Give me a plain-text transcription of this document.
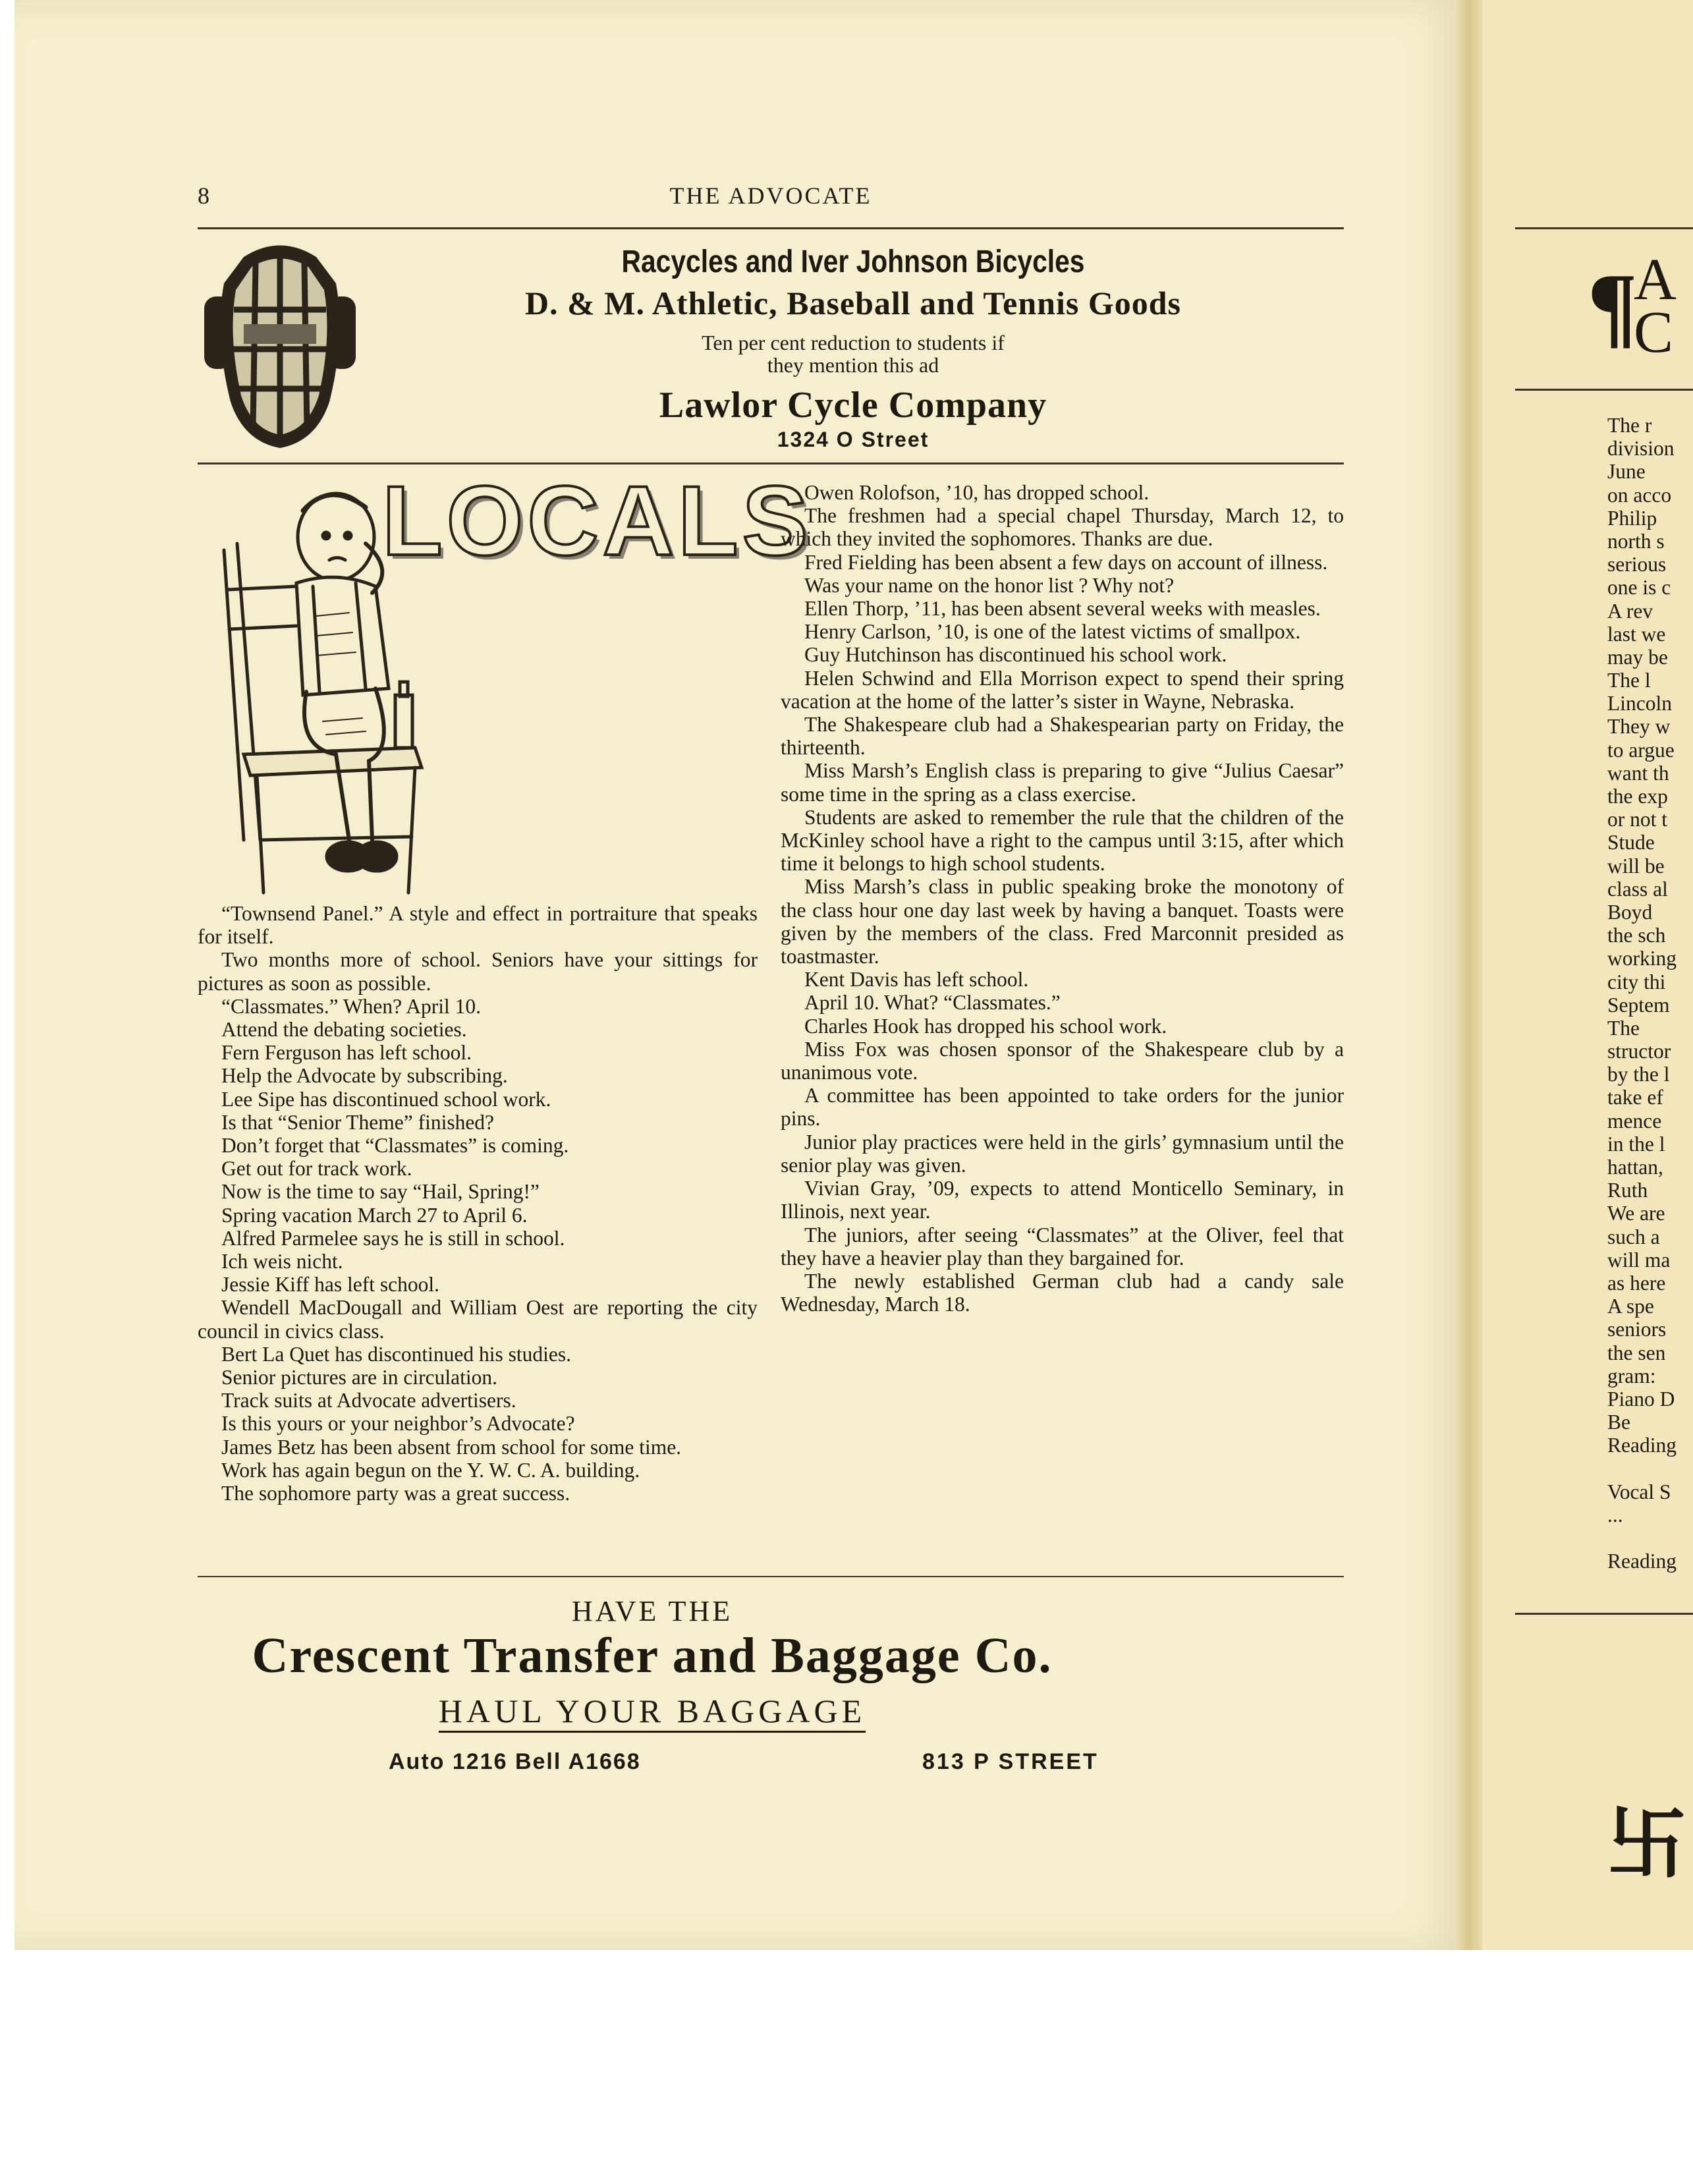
8	THE ADVOCATE
Racycles and Iver Johnson Bicycles
D. & M. Athletic, Baseball and Tennis Goods
Ten per cent reduction to students if
they mention this ad
Lawlor Cycle Company
1324 O Street
LOCALS

“Townsend Panel.” A style and effect in portraiture that speaks for itself.

Two months more of school. Seniors have your sittings for pictures as soon as possible.

“Classmates.” When? April 10.

Attend the debating societies.

Fern Ferguson has left school.

Help the Advocate by subscribing.

Lee Sipe has discontinued school work.

Is that “Senior Theme” finished?

Don’t forget that “Classmates” is coming.

Get out for track work.

Now is the time to say “Hail, Spring!”

Spring vacation March 27 to April 6.

Alfred Parmelee says he is still in school.

Ich weis nicht.

Jessie Kiff has left school.

Wendell MacDougall and William Oest are reporting the city council in civics class.

Bert La Quet has discontinued his studies.

Senior pictures are in circulation.

Track suits at Advocate advertisers.

Is this yours or your neighbor’s Advocate?

James Betz has been absent from school for some time.

Work has again begun on the Y. W. C. A. building.

The sophomore party was a great success.

Owen Rolofson, ’10, has dropped school.

The freshmen had a special chapel Thursday, March 12, to which they invited the sophomores. Thanks are due.

Fred Fielding has been absent a few days on account of illness.

Was your name on the honor list ? Why not?

Ellen Thorp, ’11, has been absent several weeks with measles.

Henry Carlson, ’10, is one of the latest victims of smallpox.

Guy Hutchinson has discontinued his school work.

Helen Schwind and Ella Morrison expect to spend their spring vacation at the home of the latter’s sister in Wayne, Nebraska.

The Shakespeare club had a Shakespearian party on Friday, the thirteenth.

Miss Marsh’s English class is preparing to give “Julius Caesar” some time in the spring as a class exercise.

Students are asked to remember the rule that the children of the McKinley school have a right to the campus until 3:15, after which time it belongs to high school students.

Miss Marsh’s class in public speaking broke the monotony of the class hour one day last week by having a banquet. Toasts were given by the members of the class. Fred Marconnit presided as toastmaster.

Kent Davis has left school.

April 10. What? “Classmates.”

Charles Hook has dropped his school work.

Miss Fox was chosen sponsor of the Shakespeare club by a unanimous vote.

A committee has been appointed to take orders for the junior pins.

Junior play practices were held in the girls’ gymnasium until the senior play was given.

Vivian Gray, ’09, expects to attend Monticello Seminary, in Illinois, next year.

The juniors, after seeing “Classmates” at the Oliver, feel that they have a heavier play than they bargained for.

The newly established German club had a candy sale Wednesday, March 18.

HAVE THE
Crescent Transfer and Baggage Co.
HAUL YOUR BAGGAGE
Auto 1216 Bell A1668	813 P STREET
¶
A
C
The r
division
June
on acco
Philip
north s
serious
one is c
A rev
last we
may be
The l
Lincoln
They w
to argue
want th
the exp
or not t
Stude
will be
class al
Boyd
the sch
working
city thi
Septem
The
structor
by the l
take ef
mence
in the l
hattan,
Ruth
We are
such a
will ma
as here
A spe
seniors
the sen
gram:
Piano D
Be
Reading
Vocal S
...
Reading
卐
